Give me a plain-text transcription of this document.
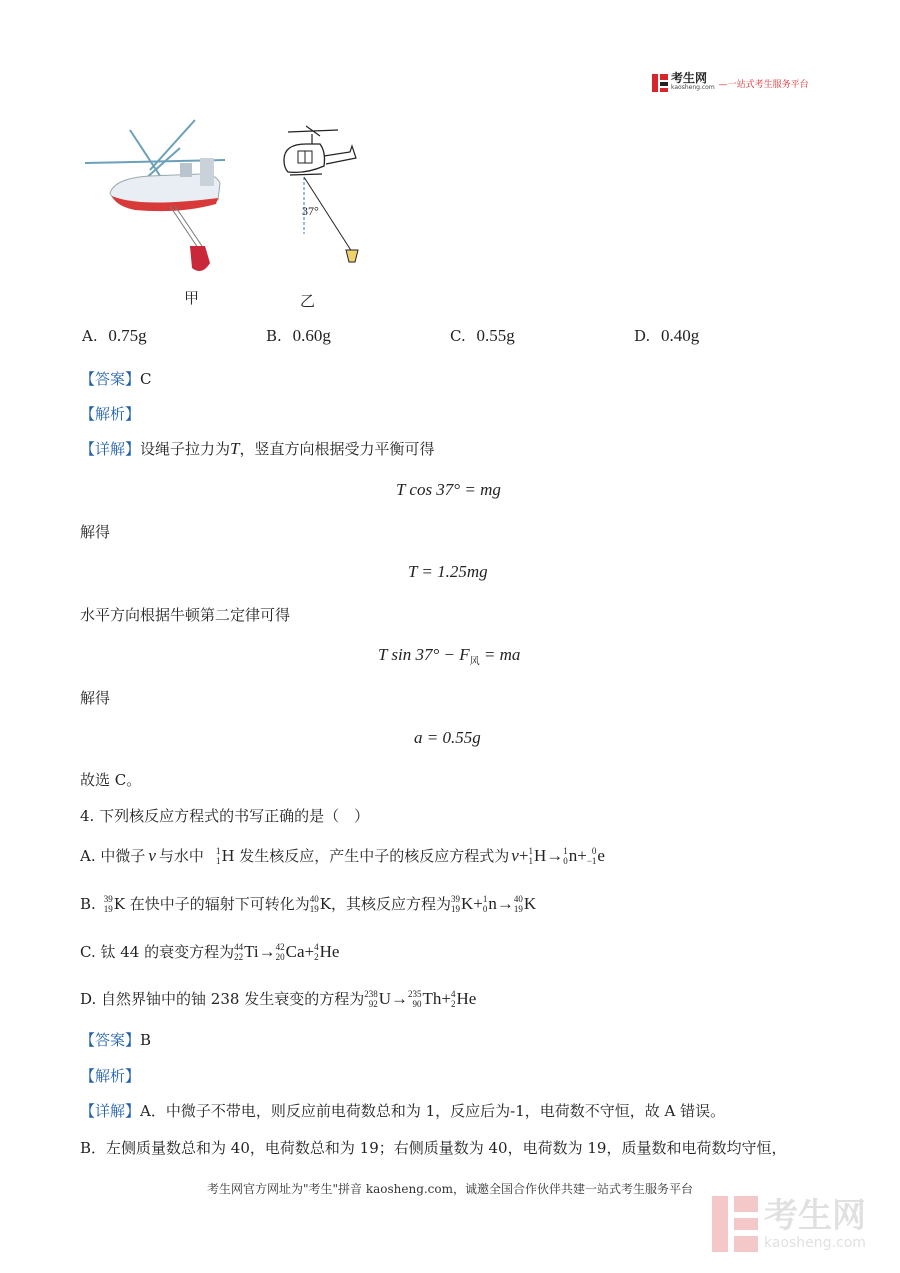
考生网
kaosheng.com —一站式考生服务平台
甲
37°
乙
A. 0.75g	B. 0.60g	C. 0.55g	D. 0.40g
【答案】C
【解析】
【详解】设绳子拉力为T，竖直方向根据受力平衡可得
T cos 37° = mg
解得
T = 1.25mg
水平方向根据牛顿第二定律可得
T $\sin 37^\circ - F_风$ = ma
解得
a = 0.55g
故选 C。
4. 下列核反应方程式的书写正确的是（　）
A. 中微子 ν 与水中 1
1 H 发生核反应，产生中子的核反应方程式为 ν + 1
1 H → 1
0 n + 0
−1 e
B. 39
19 K 在快中子的辐射下可转化为 40
19 K，其核反应方程为 39
19 K + 1
0 n → 40
19 K
C. 钛 44 的衰变方程为 44
22 Ti → 42
20 Ca + 4
2 He
D. 自然界铀中的铀 238 发生衰变的方程为 238
92 U → 235
90 Th + 4
2 He
【答案】B
【解析】
【详解】A．中微子不带电，则反应前电荷数总和为 1，反应后为-1，电荷数不守恒，故 A 错误。
B．左侧质量数总和为 40，电荷数总和为 19；右侧质量数为 40，电荷数为 19，质量数和电荷数均守恒，
考生网官方网址为"考生"拼音 kaosheng.com，诚邀全国合作伙伴共建一站式考生服务平台
考生网
kaosheng.com
